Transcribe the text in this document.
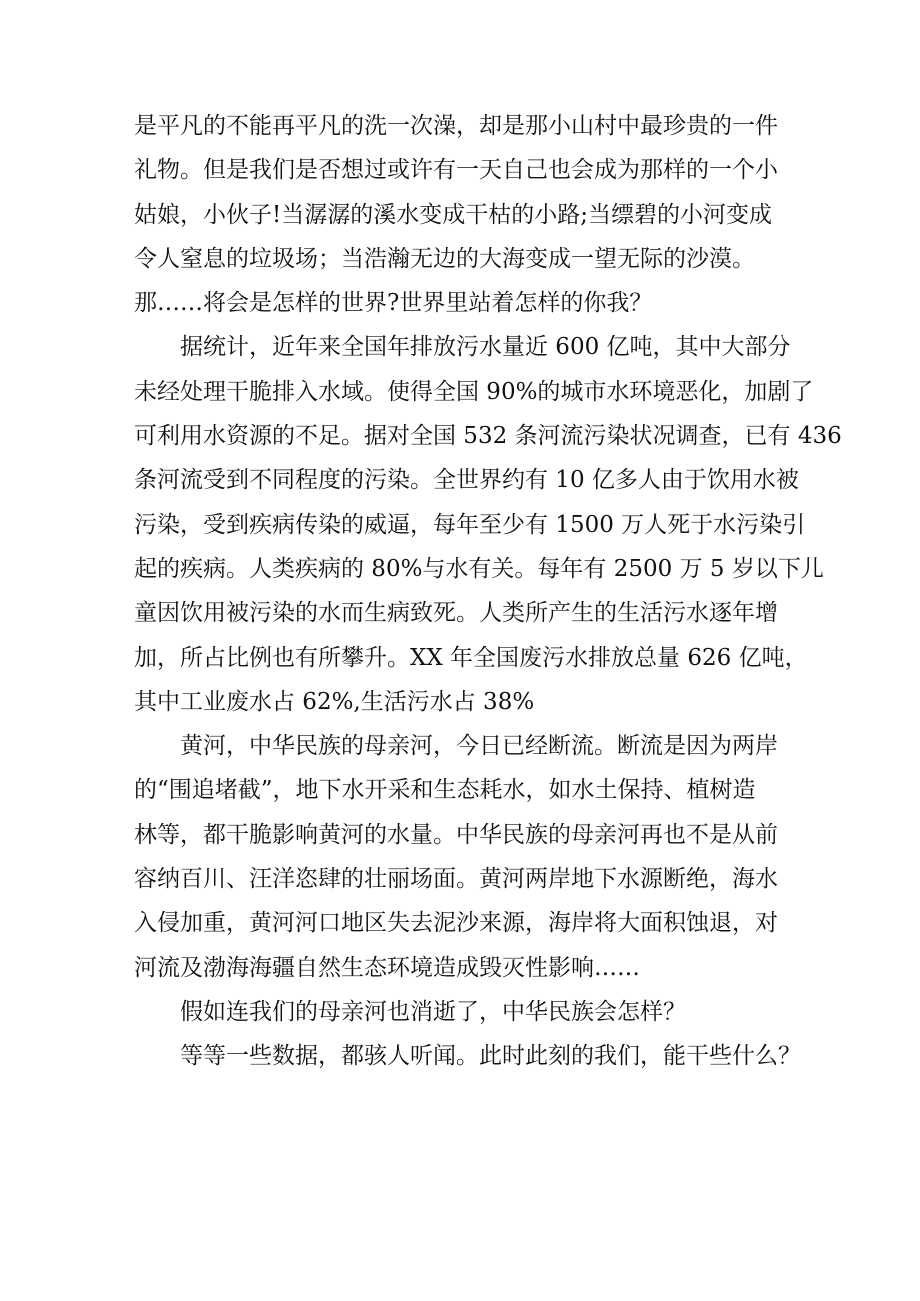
是平凡的不能再平凡的洗一次澡，却是那小山村中最珍贵的一件
礼物。但是我们是否想过或许有一天自己也会成为那样的一个小
姑娘，小伙子!当潺潺的溪水变成干枯的小路;当缥碧的小河变成
令人窒息的垃圾场；当浩瀚无边的大海变成一望无际的沙漠。
那……将会是怎样的世界?世界里站着怎样的你我？
据统计，近年来全国年排放污水量近 600 亿吨，其中大部分
未经处理干脆排入水域。使得全国 90%的城市水环境恶化，加剧了
可利用水资源的不足。据对全国 532 条河流污染状况调查，已有 436
条河流受到不同程度的污染。全世界约有 10 亿多人由于饮用水被
污染，受到疾病传染的威逼，每年至少有 1500 万人死于水污染引
起的疾病。人类疾病的 80%与水有关。每年有 2500 万 5 岁以下儿
童因饮用被污染的水而生病致死。人类所产生的生活污水逐年增
加，所占比例也有所攀升。XX 年全国废污水排放总量 626 亿吨，
其中工业废水占 62%,生活污水占 38%
黄河，中华民族的母亲河，今日已经断流。断流是因为两岸
的“围追堵截”，地下水开采和生态耗水，如水土保持、植树造
林等，都干脆影响黄河的水量。中华民族的母亲河再也不是从前
容纳百川、汪洋恣肆的壮丽场面。黄河两岸地下水源断绝，海水
入侵加重，黄河河口地区失去泥沙来源，海岸将大面积蚀退，对
河流及渤海海疆自然生态环境造成毁灭性影响……
假如连我们的母亲河也消逝了，中华民族会怎样？
等等一些数据，都骇人听闻。此时此刻的我们，能干些什么？
